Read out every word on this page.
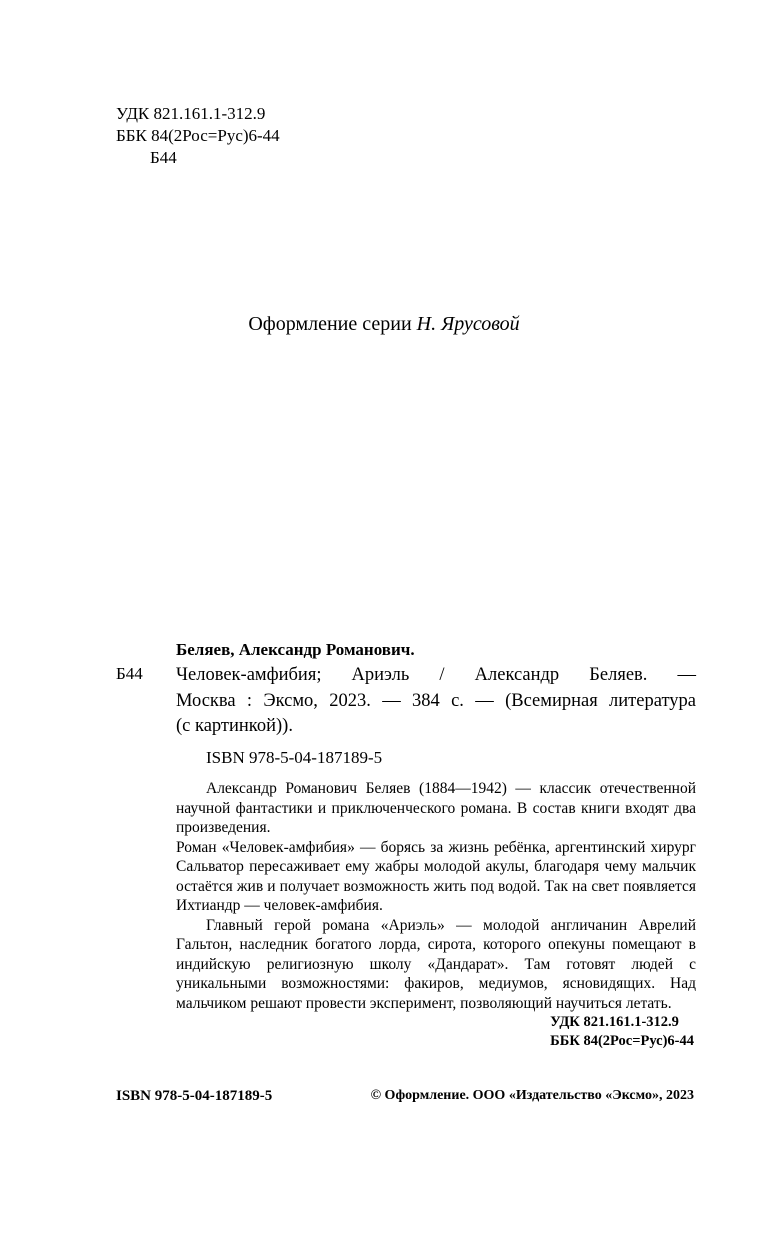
УДК 821.161.1-312.9
ББК 84(2Рос=Рус)6-44
Б44
Оформление серии Н. Ярусовой
Беляев, Александр Романович.
Б44 Человек-амфибия; Ариэль / Александр Беляев. —
Москва : Эксмо, 2023. — 384 с. — (Всемирная литература
(с картинкой)).
ISBN 978-5-04-187189-5

Александр Романович Беляев (1884—1942) — классик отечественной научной фантастики и приключенческого романа. В состав книги входят два произведения.

Роман «Человек-амфибия» — борясь за жизнь ребёнка, аргентинский хирург Сальватор пересаживает ему жабры молодой акулы, благодаря чему мальчик остаётся жив и получает возможность жить под водой. Так на свет появляется Ихтиандр — человек-амфибия.

Главный герой романа «Ариэль» — молодой англичанин Аврелий Гальтон, наследник богатого лорда, сирота, которого опекуны помещают в индийскую религиозную школу «Дандарат». Там готовят людей с уникальными возможностями: факиров, медиумов, ясновидящих. Над мальчиком решают провести эксперимент, позволяющий научиться летать.

УДК 821.161.1-312.9
ББК 84(2Рос=Рус)6-44
ISBN 978-5-04-187189-5	© Оформление. ООО «Издательство «Эксмо», 2023
